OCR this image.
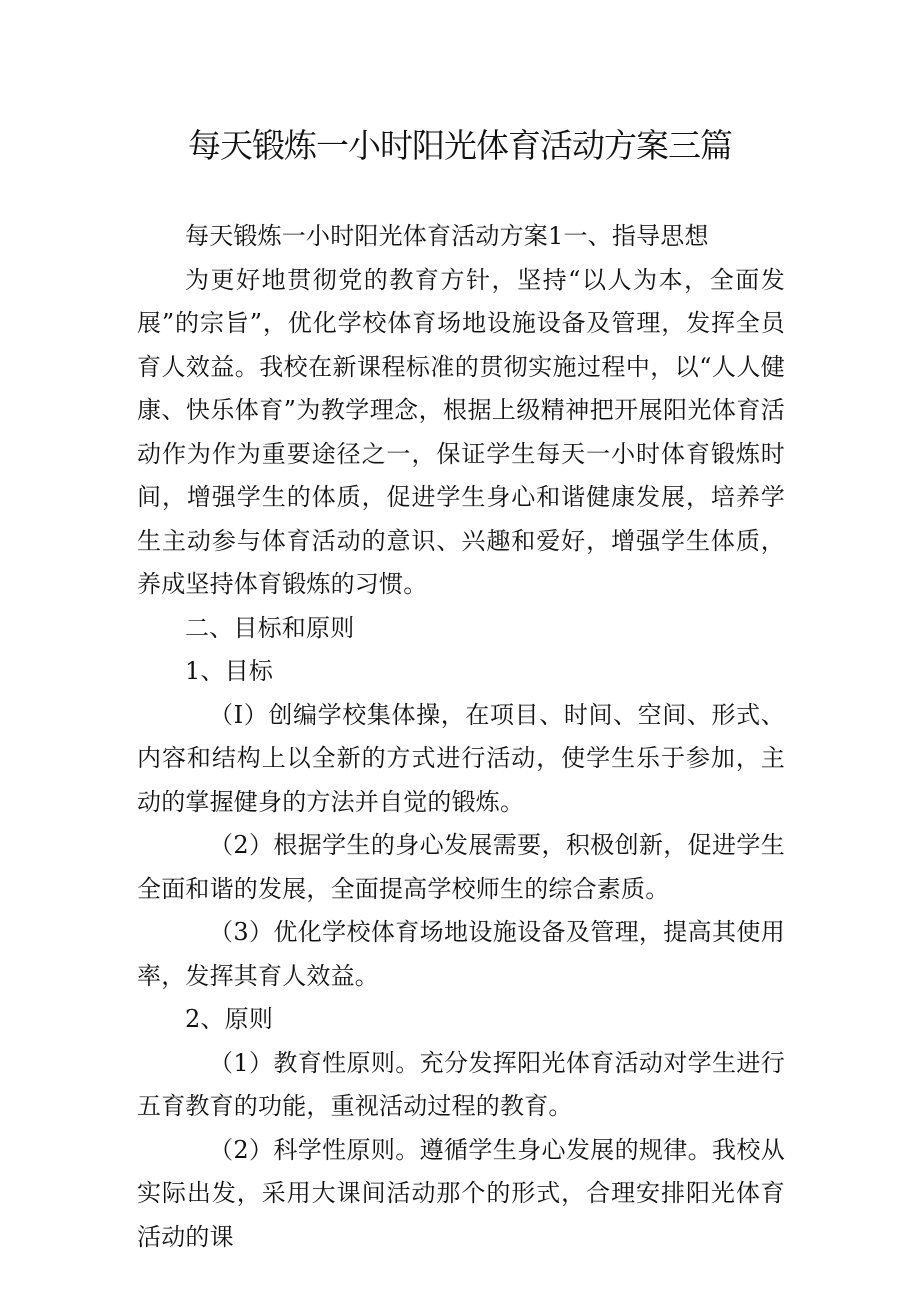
每天锻炼一小时阳光体育活动方案三篇

每天锻炼一小时阳光体育活动方案1一、指导思想

为更好地贯彻党的教育方针，坚持“以人为本，全面发展”的宗旨”，优化学校体育场地设施设备及管理，发挥全员育人效益。我校在新课程标准的贯彻实施过程中，以“人人健康、快乐体育”为教学理念，根据上级精神把开展阳光体育活动作为作为重要途径之一，保证学生每天一小时体育锻炼时间，增强学生的体质，促进学生身心和谐健康发展，培养学生主动参与体育活动的意识、兴趣和爱好，增强学生体质，养成坚持体育锻炼的习惯。

二、目标和原则

1、目标

（I）创编学校集体操，在项目、时间、空间、形式、内容和结构上以全新的方式进行活动，使学生乐于参加，主动的掌握健身的方法并自觉的锻炼。

（2）根据学生的身心发展需要，积极创新，促进学生全面和谐的发展，全面提高学校师生的综合素质。

（3）优化学校体育场地设施设备及管理，提高其使用率，发挥其育人效益。

2、原则

（1）教育性原则。充分发挥阳光体育活动对学生进行五育教育的功能，重视活动过程的教育。

（2）科学性原则。遵循学生身心发展的规律。我校从实际出发，采用大课间活动那个的形式，合理安排阳光体育活动的课
